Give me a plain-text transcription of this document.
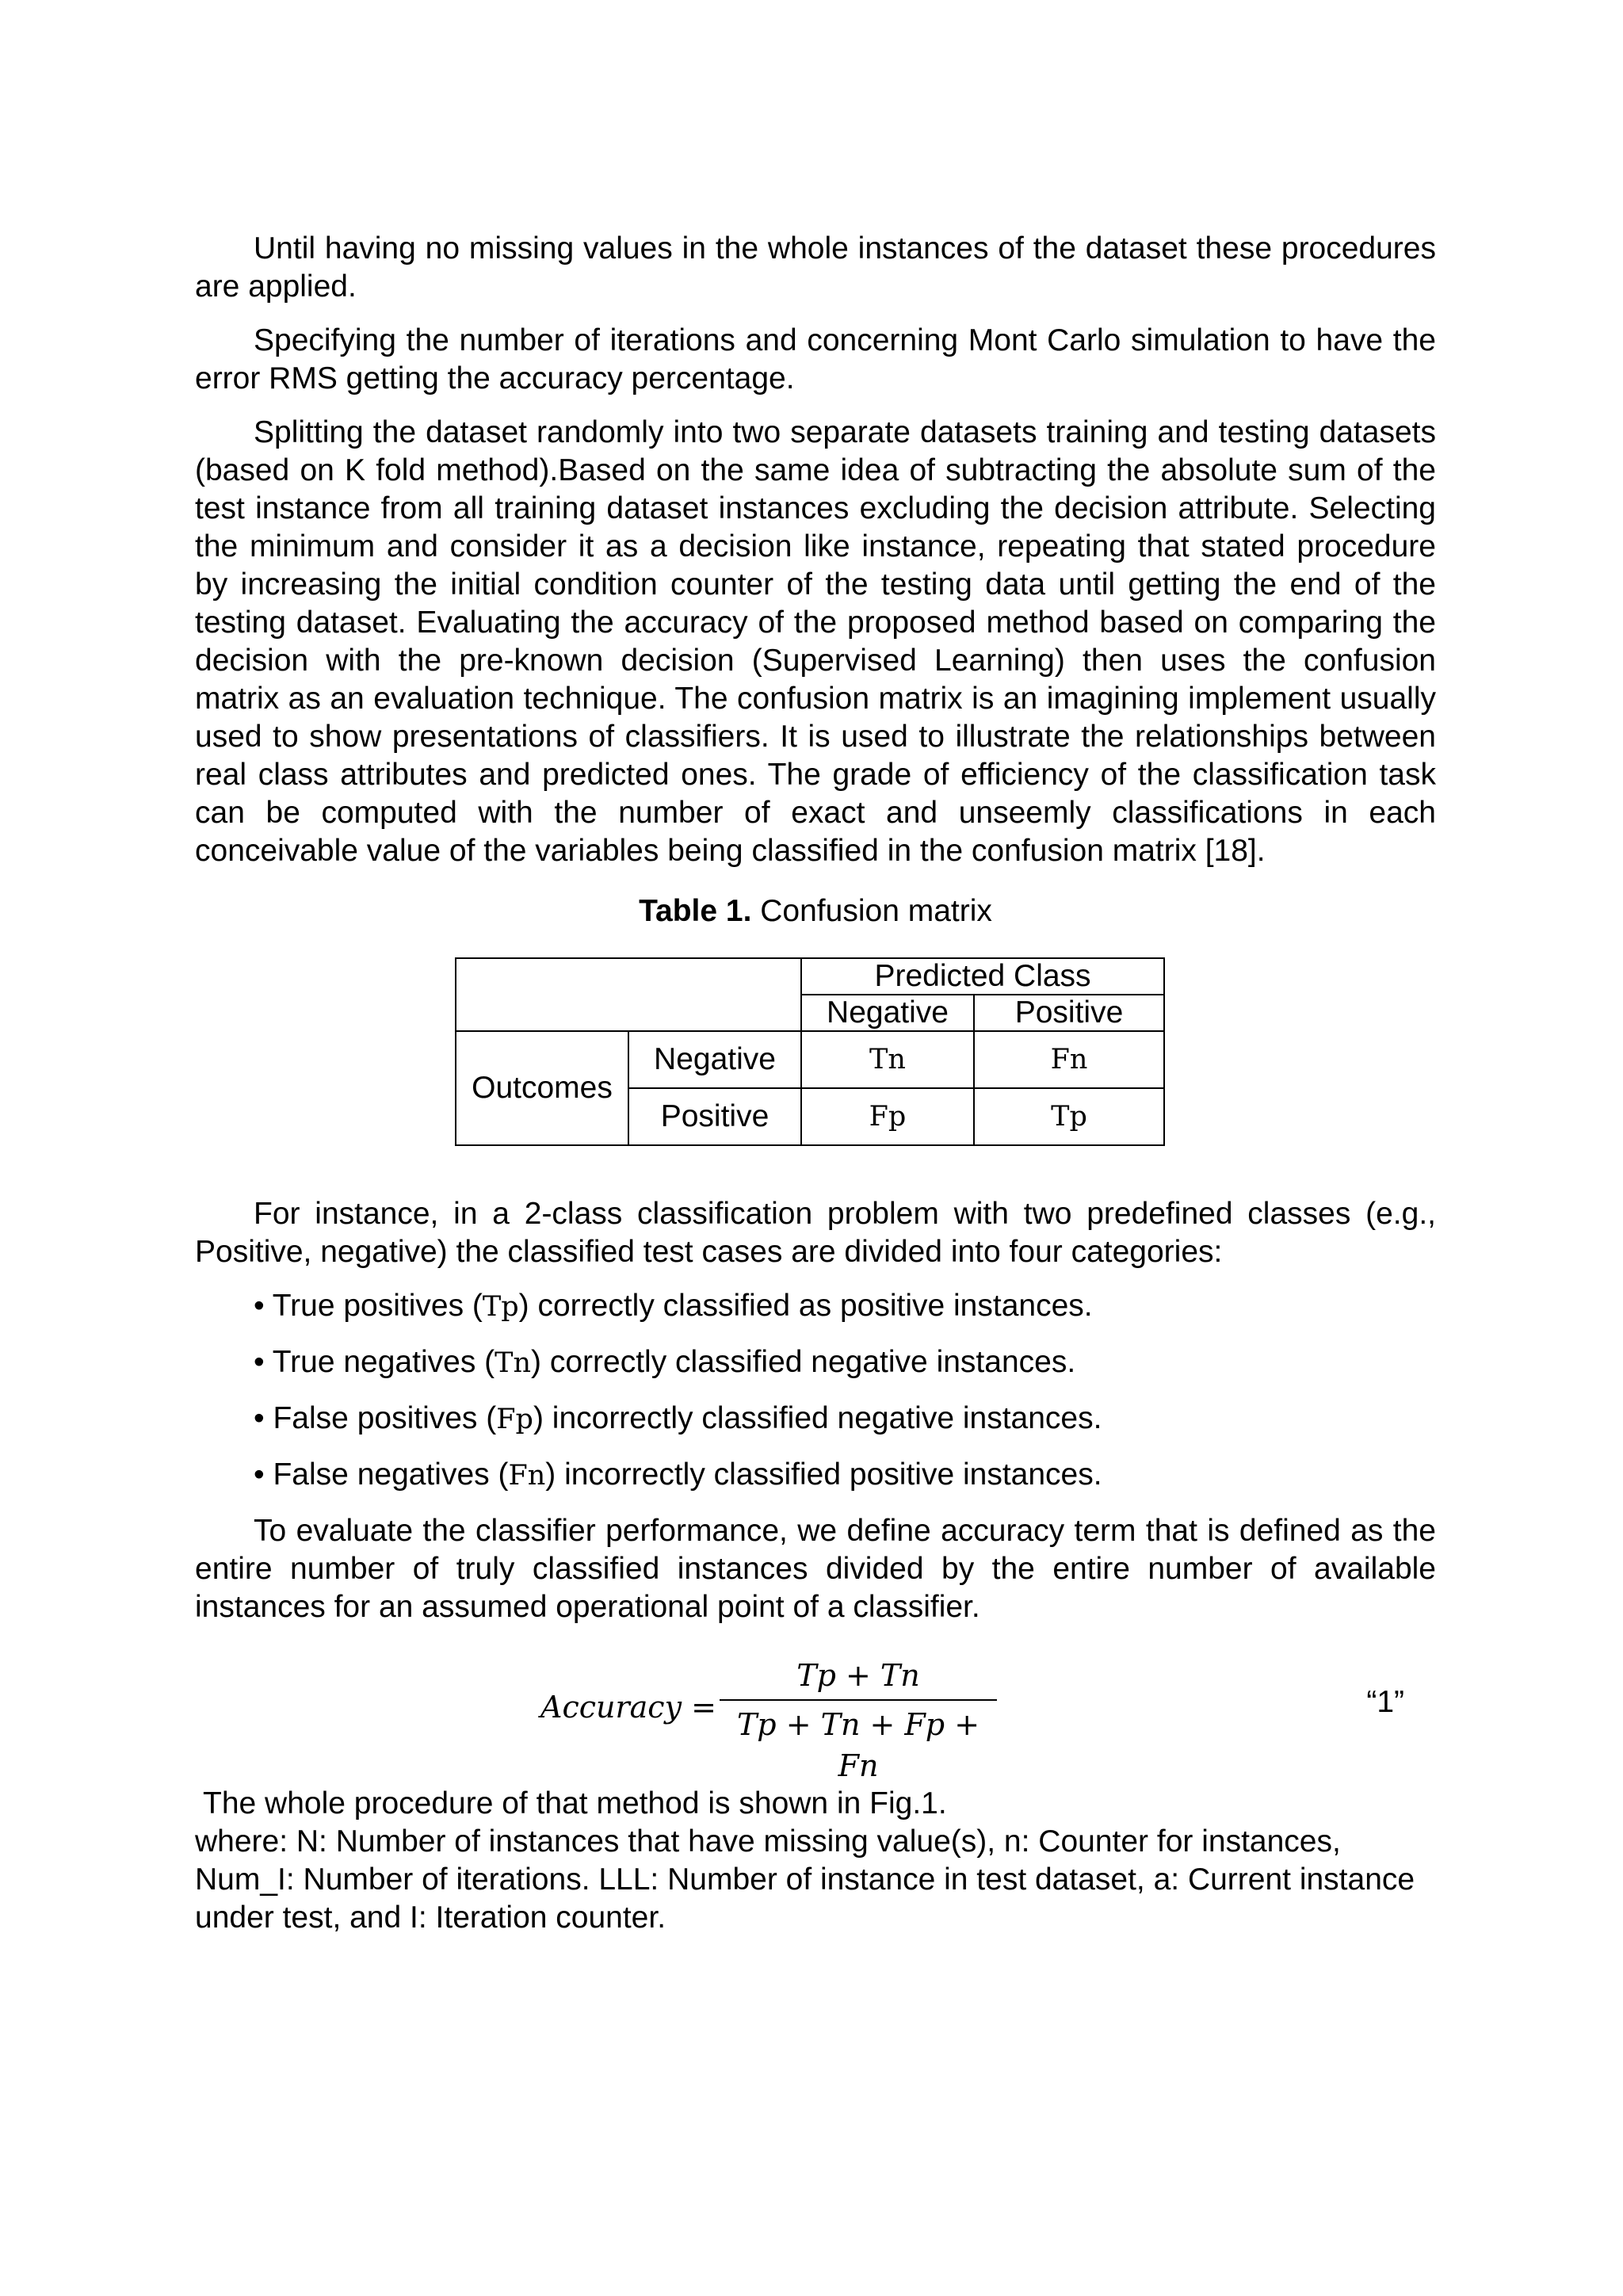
Until having no missing values in the whole instances of the dataset these procedures are applied.

Specifying the number of iterations and concerning Mont Carlo simulation to have the error RMS getting the accuracy percentage.

Splitting the dataset randomly into two separate datasets training and testing datasets (based on K fold method).Based on the same idea of subtracting the absolute sum of the test instance from all training dataset instances excluding the decision attribute. Selecting the minimum and consider it as a decision like instance, repeating that stated procedure by increasing the initial condition counter of the testing data until getting the end of the testing dataset. Evaluating the accuracy of the proposed method based on comparing the decision with the pre-known decision (Supervised Learning) then uses the confusion matrix as an evaluation technique. The confusion matrix is an imagining implement usually used to show presentations of classifiers. It is used to illustrate the relationships between real class attributes and predicted ones. The grade of efficiency of the classification task can be computed with the number of exact and unseemly classifications in each conceivable value of the variables being classified in the confusion matrix [18].

Table 1. Confusion matrix
		Predicted Class	
		Negative	Positive
Outcomes	Negative	Tn	Fn
	Positive	Fp	Tp

For instance, in a 2-class classification problem with two predefined classes (e.g., Positive, negative) the classified test cases are divided into four categories:

• True positives (Tp) correctly classified as positive instances.
• True negatives (Tn) correctly classified negative instances.
• False positives (Fp) incorrectly classified negative instances.
• False negatives (Fn) incorrectly classified positive instances.

To evaluate the classifier performance, we define accuracy term that is defined as the entire number of truly classified instances divided by the entire number of available instances for an assumed operational point of a classifier.

Accuracy =
Tp + Tn
Tp + Tn + Fp + Fn
“1”

The whole procedure of that method is shown in Fig.1.

where: N: Number of instances that have missing value(s), n: Counter for instances, Num_I: Number of iterations. LLL: Number of instance in test dataset, a: Current instance under test, and I: Iteration counter.
